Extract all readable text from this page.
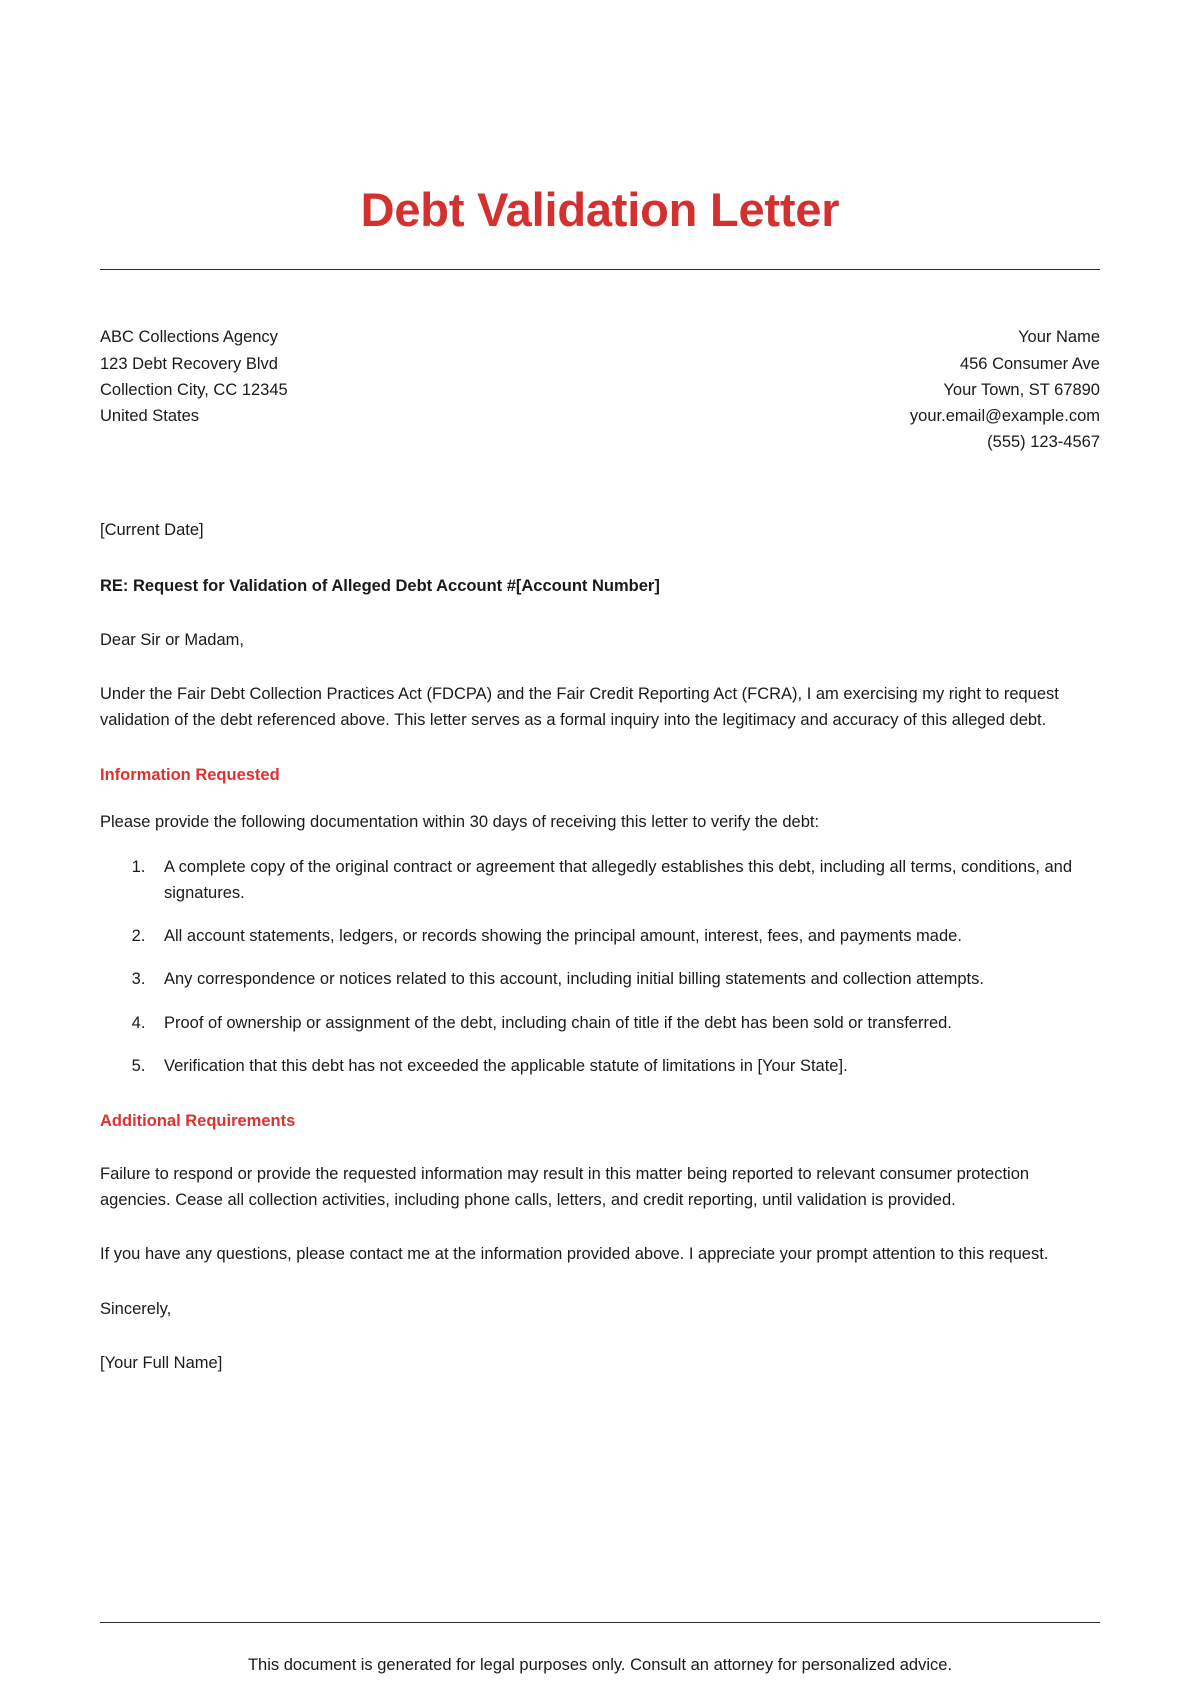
Debt Validation Letter
ABC Collections Agency
123 Debt Recovery Blvd
Collection City, CC 12345
United States
Your Name
456 Consumer Ave
Your Town, ST 67890
your.email@example.com
(555) 123-4567

[Current Date]

RE: Request for Validation of Alleged Debt Account #[Account Number]

Dear Sir or Madam,

Under the Fair Debt Collection Practices Act (FDCPA) and the Fair Credit Reporting Act (FCRA), I am exercising my right to request validation of the debt referenced above. This letter serves as a formal inquiry into the legitimacy and accuracy of this alleged debt.

Information Requested

Please provide the following documentation within 30 days of receiving this letter to verify the debt:

1. A complete copy of the original contract or agreement that allegedly establishes this debt, including all terms, conditions, and signatures.
2. All account statements, ledgers, or records showing the principal amount, interest, fees, and payments made.
3. Any correspondence or notices related to this account, including initial billing statements and collection attempts.
4. Proof of ownership or assignment of the debt, including chain of title if the debt has been sold or transferred.
5. Verification that this debt has not exceeded the applicable statute of limitations in [Your State].
Additional Requirements

Failure to respond or provide the requested information may result in this matter being reported to relevant consumer protection agencies. Cease all collection activities, including phone calls, letters, and credit reporting, until validation is provided.

If you have any questions, please contact me at the information provided above. I appreciate your prompt attention to this request.

Sincerely,

[Your Full Name]

This document is generated for legal purposes only. Consult an attorney for personalized advice.
